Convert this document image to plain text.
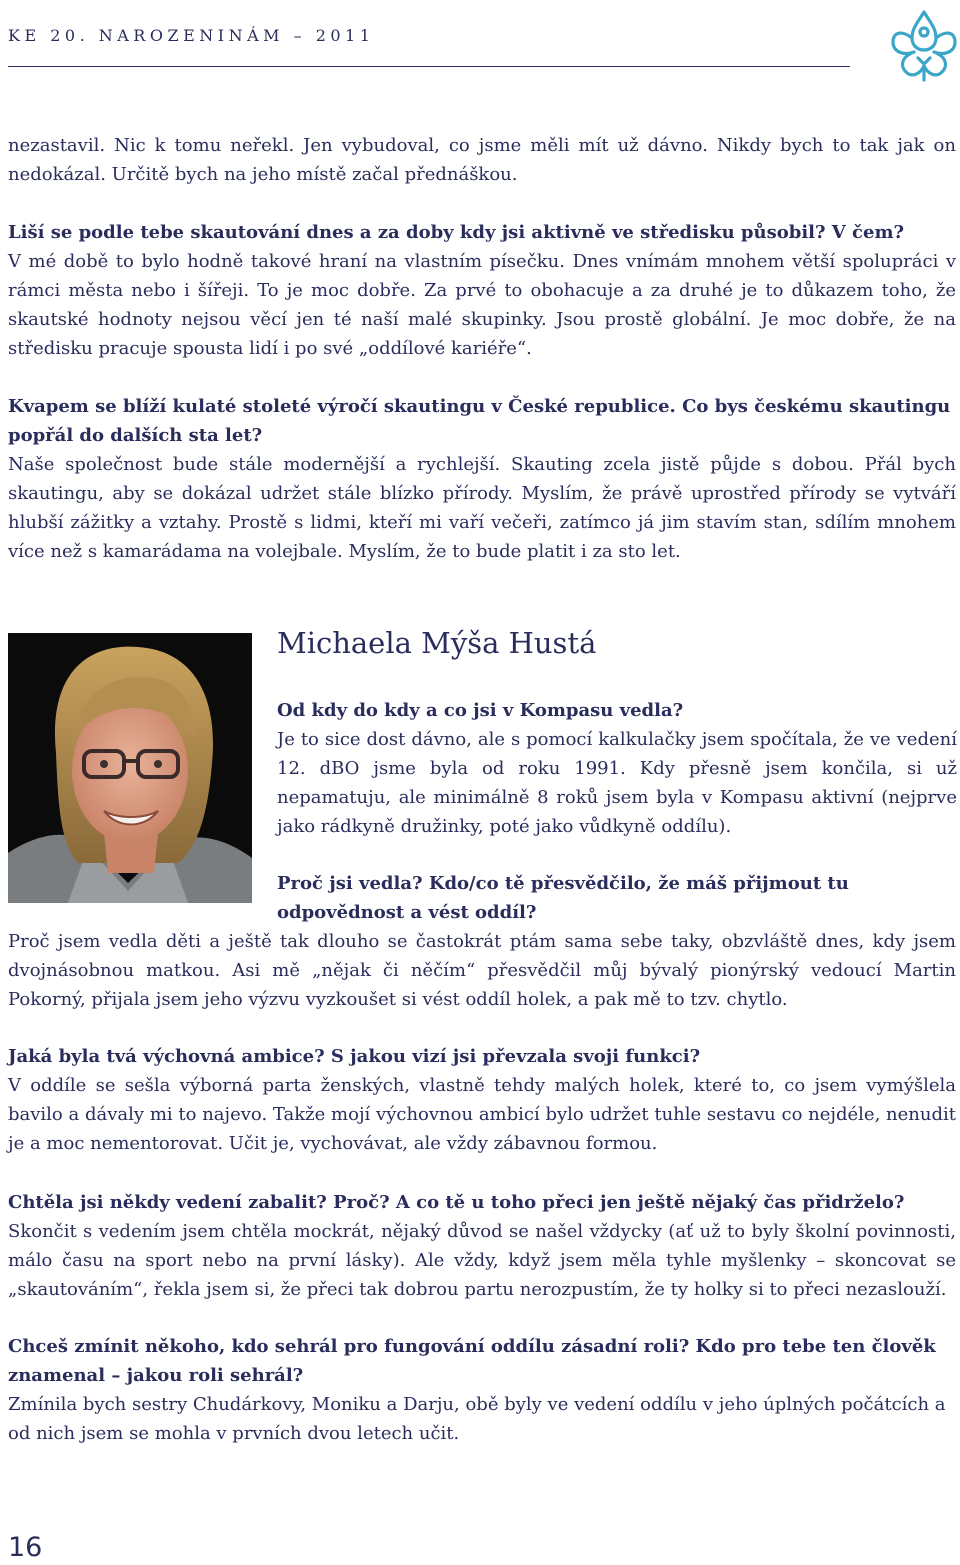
KE 20. NAROZENINÁM – 2011

nezastavil. Nic k tomu neřekl. Jen vybudoval, co jsme měli mít už dávno. Nikdy bych to tak jak on nedokázal. Určitě bych na jeho místě začal přednáškou.

Liší se podle tebe skautování dnes a za doby kdy jsi aktivně ve středisku působil? V čem?
V mé době to bylo hodně takové hraní na vlastním písečku. Dnes vnímám mnohem větší spolupráci v rámci města nebo i šířeji. To je moc dobře. Za prvé to obohacuje a za druhé je to důkazem toho, že skautské hodnoty nejsou věcí jen té naší malé skupinky. Jsou prostě globální. Je moc dobře, že na středisku pracuje spousta lidí i po své „oddílové kariéře“.

Kvapem se blíží kulaté stoleté výročí skautingu v České republice. Co bys českému skautingu popřál do dalších sta let?
Naše společnost bude stále modernější a rychlejší. Skauting zcela jistě půjde s dobou. Přál bych skautingu, aby se dokázal udržet stále blízko přírody. Myslím, že právě uprostřed přírody se vytváří hlubší zážitky a vztahy. Prostě s lidmi, kteří mi vaří večeři, zatímco já jim stavím stan, sdílím mnohem více než s kamarádama na volejbale. Myslím, že to bude platit i za sto let.

Michaela Mýša Hustá

Od kdy do kdy a co jsi v Kompasu vedla?
Je to sice dost dávno, ale s pomocí kalkulačky jsem spočítala, že ve vedení 12. dBO jsme byla od roku 1991. Kdy přesně jsem končila, si už nepamatuju, ale minimálně 8 roků jsem byla v Kompasu aktivní (nejprve jako rádkyně družinky, poté jako vůdkyně oddílu).

Proč jsi vedla? Kdo/co tě přesvědčilo, že máš přijmout tu odpovědnost a vést oddíl?

Proč jsem vedla děti a ještě tak dlouho se častokrát ptám sama sebe taky, obzvláště dnes, kdy jsem dvojnásobnou matkou. Asi mě „nějak či něčím“ přesvědčil můj bývalý pionýrský vedoucí Martin Pokorný, přijala jsem jeho výzvu vyzkoušet si vést oddíl holek, a pak mě to tzv. chytlo.

Jaká byla tvá výchovná ambice? S jakou vizí jsi převzala svoji funkci?
V oddíle se sešla výborná parta ženských, vlastně tehdy malých holek, které to, co jsem vymýšlela bavilo a dávaly mi to najevo. Takže mojí výchovnou ambicí bylo udržet tuhle sestavu co nejdéle, nenudit je a moc nementorovat. Učit je, vychovávat, ale vždy zábavnou formou.

Chtěla jsi někdy vedení zabalit? Proč? A co tě u toho přeci jen ještě nějaký čas přidrželo?
Skončit s vedením jsem chtěla mockrát, nějaký důvod se našel vždycky (ať už to byly školní povinnosti, málo času na sport nebo na první lásky). Ale vždy, když jsem měla tyhle myšlenky – skoncovat se „skautováním“, řekla jsem si, že přeci tak dobrou partu nerozpustím, že ty holky si to přeci nezaslouží.

Chceš zmínit někoho, kdo sehrál pro fungování oddílu zásadní roli? Kdo pro tebe ten člověk znamenal – jakou roli sehrál?
Zmínila bych sestry Chudárkovy, Moniku a Darju, obě byly ve vedení oddílu v jeho úplných počátcích a od nich jsem se mohla v prvních dvou letech učit.

16
